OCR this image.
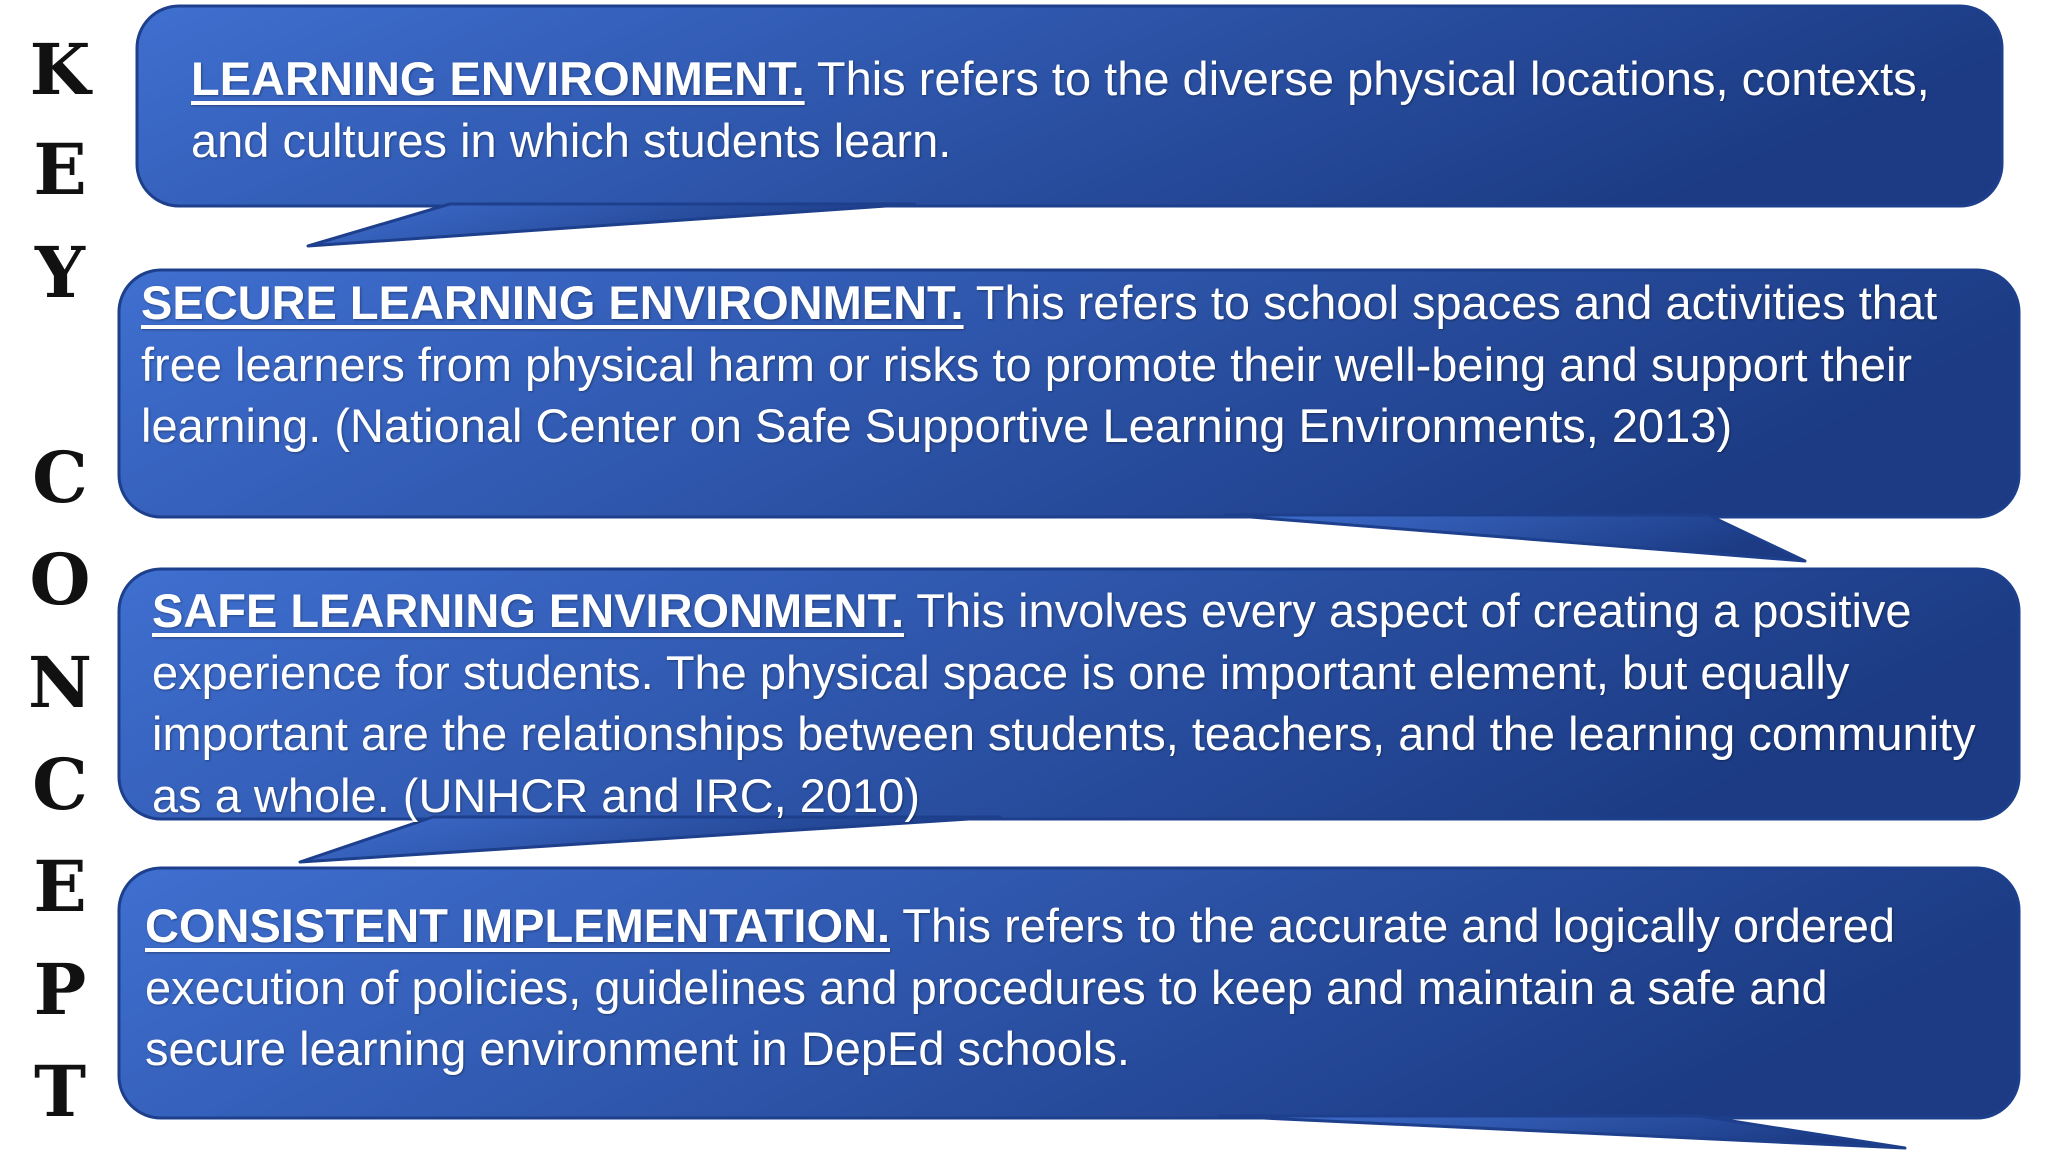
K
E
Y
C
O
N
C
E
P
T

LEARNING ENVIRONMENT. This refers to the diverse physical locations, contexts, and cultures in which students learn.

SECURE LEARNING ENVIRONMENT. This refers to school spaces and activities that free learners from physical harm or risks to promote their well-being and support their learning. (National Center on Safe Supportive Learning Environments, 2013)

SAFE LEARNING ENVIRONMENT. This involves every aspect of creating a positive experience for students. The physical space is one important element, but equally important are the relationships between students, teachers, and the learning community as a whole. (UNHCR and IRC, 2010)

CONSISTENT IMPLEMENTATION. This refers to the accurate and logically ordered execution of policies, guidelines and procedures to keep and maintain a safe and secure learning environment in DepEd schools.
